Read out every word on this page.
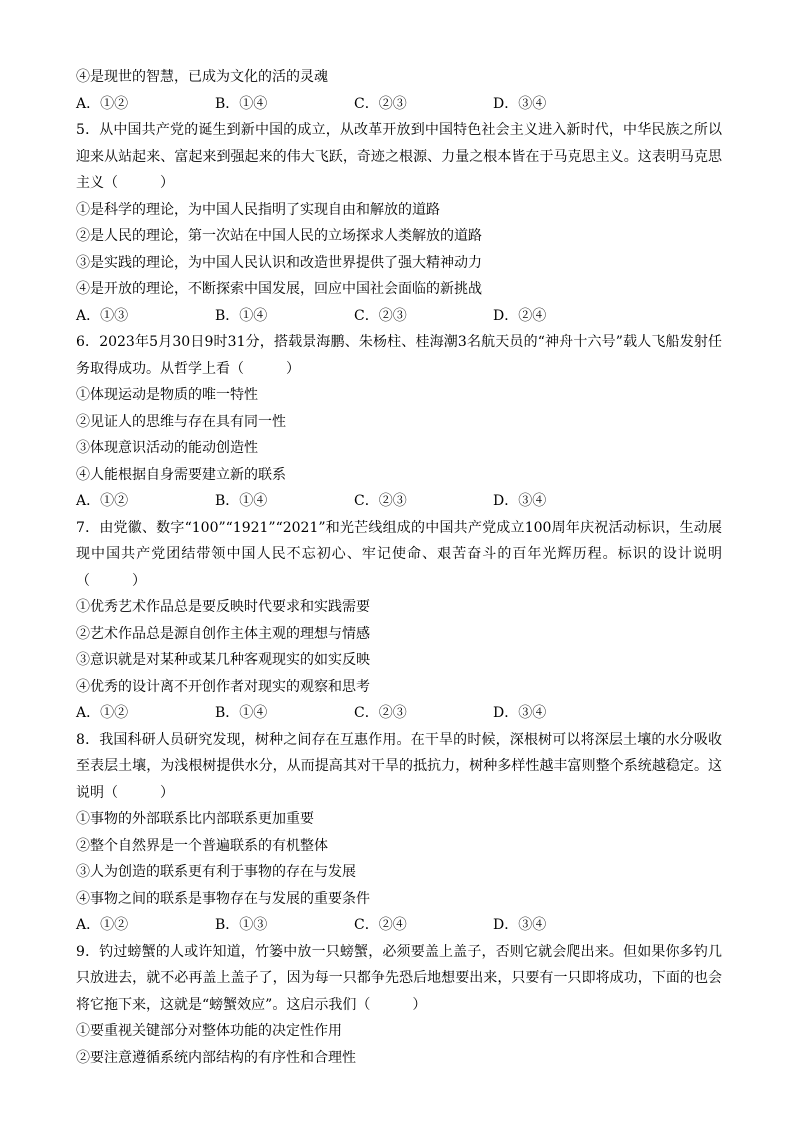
④是现世的智慧，已成为文化的活的灵魂
A．①②	B．①④	C．②③	D．③④
5．从中国共产党的诞生到新中国的成立，从改革开放到中国特色社会主义进入新时代，中华民族之所以迎来从站起来、富起来到强起来的伟大飞跃，奇迹之根源、力量之根本皆在于马克思主义。这表明马克思主义（　　　）
①是科学的理论，为中国人民指明了实现自由和解放的道路
②是人民的理论，第一次站在中国人民的立场探求人类解放的道路
③是实践的理论，为中国人民认识和改造世界提供了强大精神动力
④是开放的理论，不断探索中国发展，回应中国社会面临的新挑战
A．①③	B．①④	C．②③	D．②④
6．2023年5月30日9时31分，搭载景海鹏、朱杨柱、桂海潮3名航天员的“神舟十六号”载人飞船发射任务取得成功。从哲学上看（　　　）
①体现运动是物质的唯一特性
②见证人的思维与存在具有同一性
③体现意识活动的能动创造性
④人能根据自身需要建立新的联系
A．①②	B．①④	C．②③	D．③④
7．由党徽、数字“100”“1921”“2021”和光芒线组成的中国共产党成立100周年庆祝活动标识，生动展现中国共产党团结带领中国人民不忘初心、牢记使命、艰苦奋斗的百年光辉历程。标识的设计说明（　　　）
①优秀艺术作品总是要反映时代要求和实践需要
②艺术作品总是源自创作主体主观的理想与情感
③意识就是对某种或某几种客观现实的如实反映
④优秀的设计离不开创作者对现实的观察和思考
A．①②	B．①④	C．②③	D．③④
8．我国科研人员研究发现，树种之间存在互惠作用。在干旱的时候，深根树可以将深层土壤的水分吸收至表层土壤，为浅根树提供水分，从而提高其对干旱的抵抗力，树种多样性越丰富则整个系统越稳定。这说明（　　　）
①事物的外部联系比内部联系更加重要
②整个自然界是一个普遍联系的有机整体
③人为创造的联系更有利于事物的存在与发展
④事物之间的联系是事物存在与发展的重要条件
A．①②	B．①③	C．②④	D．③④
9．钓过螃蟹的人或许知道，竹篓中放一只螃蟹，必须要盖上盖子，否则它就会爬出来。但如果你多钓几只放进去，就不必再盖上盖子了，因为每一只都争先恐后地想要出来，只要有一只即将成功，下面的也会将它拖下来，这就是“螃蟹效应”。这启示我们（　　　）
①要重视关键部分对整体功能的决定性作用
②要注意遵循系统内部结构的有序性和合理性
